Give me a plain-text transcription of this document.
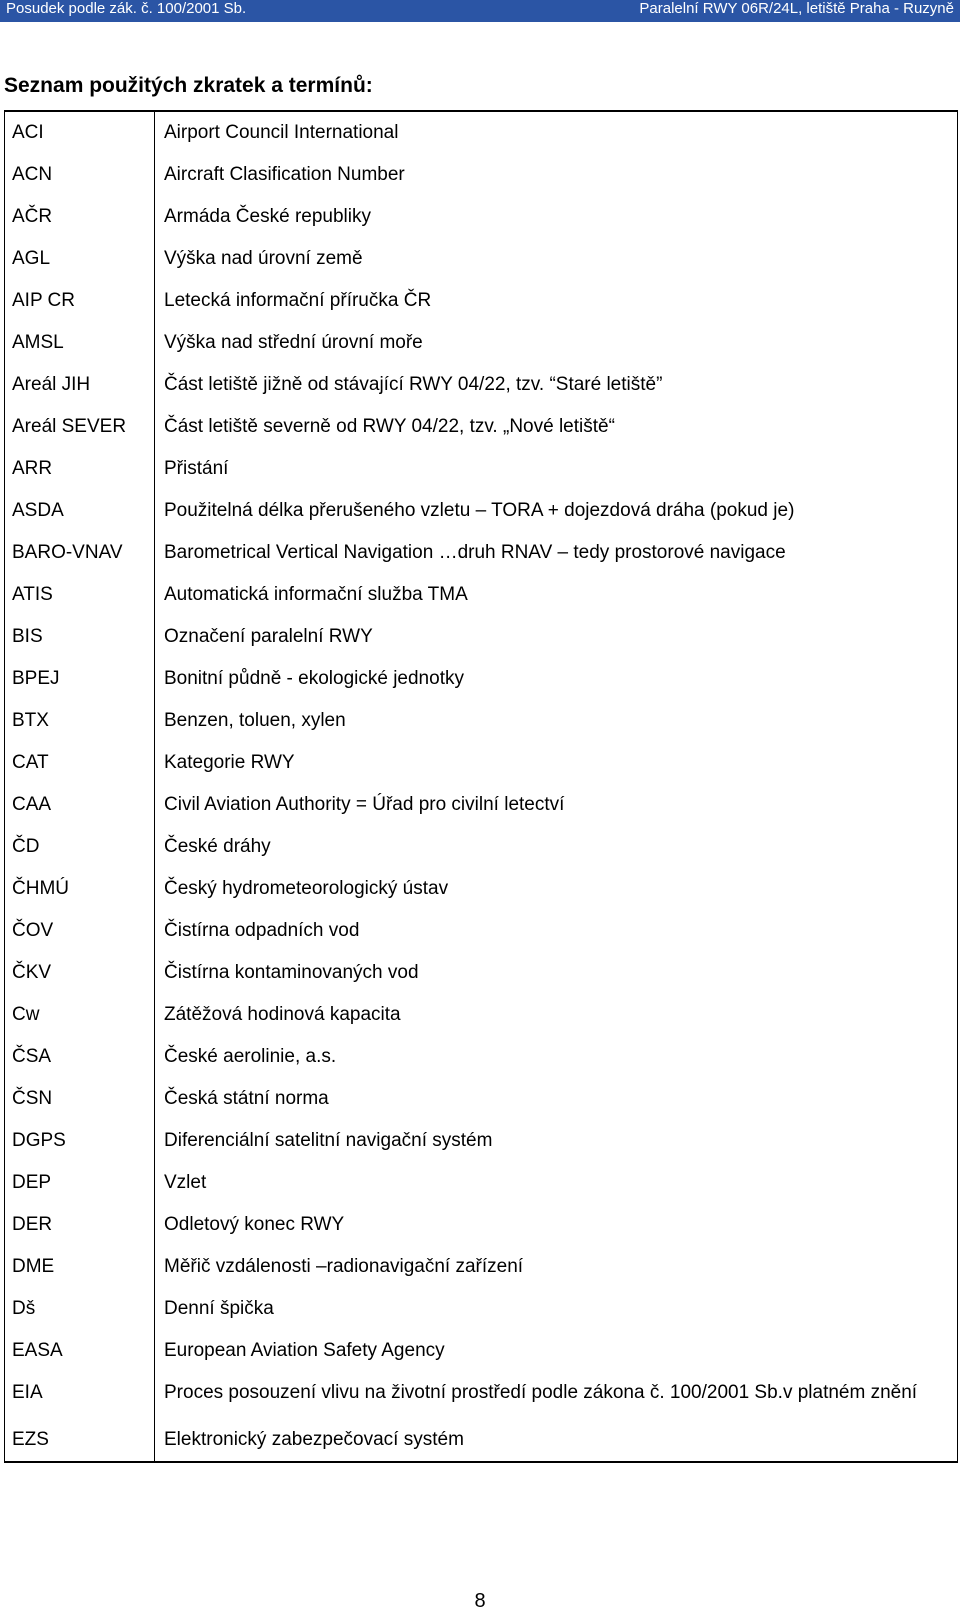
Posudek podle zák. č. 100/2001 Sb.	Paralelní RWY 06R/24L, letiště Praha - Ruzyně
Seznam použitých zkratek a termínů:
ACI	Airport Council International
ACN	Aircraft Clasification Number
AČR	Armáda České republiky
AGL	Výška nad úrovní země
AIP CR	Letecká informační příručka ČR
AMSL	Výška nad střední úrovní moře
Areál JIH	Část letiště jižně od stávající RWY 04/22, tzv. “Staré letiště”
Areál SEVER	Část letiště severně od RWY 04/22, tzv. „Nové letiště“
ARR	Přistání
ASDA	Použitelná délka přerušeného vzletu – TORA + dojezdová dráha (pokud je)
BARO-VNAV	Barometrical Vertical Navigation …druh RNAV – tedy prostorové navigace
ATIS	Automatická informační služba TMA
BIS	Označení paralelní RWY
BPEJ	Bonitní půdně - ekologické jednotky
BTX	Benzen, toluen, xylen
CAT	Kategorie RWY
CAA	Civil Aviation Authority = Úřad pro civilní letectví
ČD	České dráhy
ČHMÚ	Český hydrometeorologický ústav
ČOV	Čistírna odpadních vod
ČKV	Čistírna kontaminovaných vod
Cw	Zátěžová hodinová kapacita
ČSA	České aerolinie, a.s.
ČSN	Česká státní norma
DGPS	Diferenciální satelitní navigační systém
DEP	Vzlet
DER	Odletový konec RWY
DME	Měřič vzdálenosti –radionavigační zařízení
Dš	Denní špička
EASA	European Aviation Safety Agency
EIA	Proces posouzení vlivu na životní prostředí podle zákona č. 100/2001 Sb.v platném znění
EZS	Elektronický zabezpečovací systém
8
